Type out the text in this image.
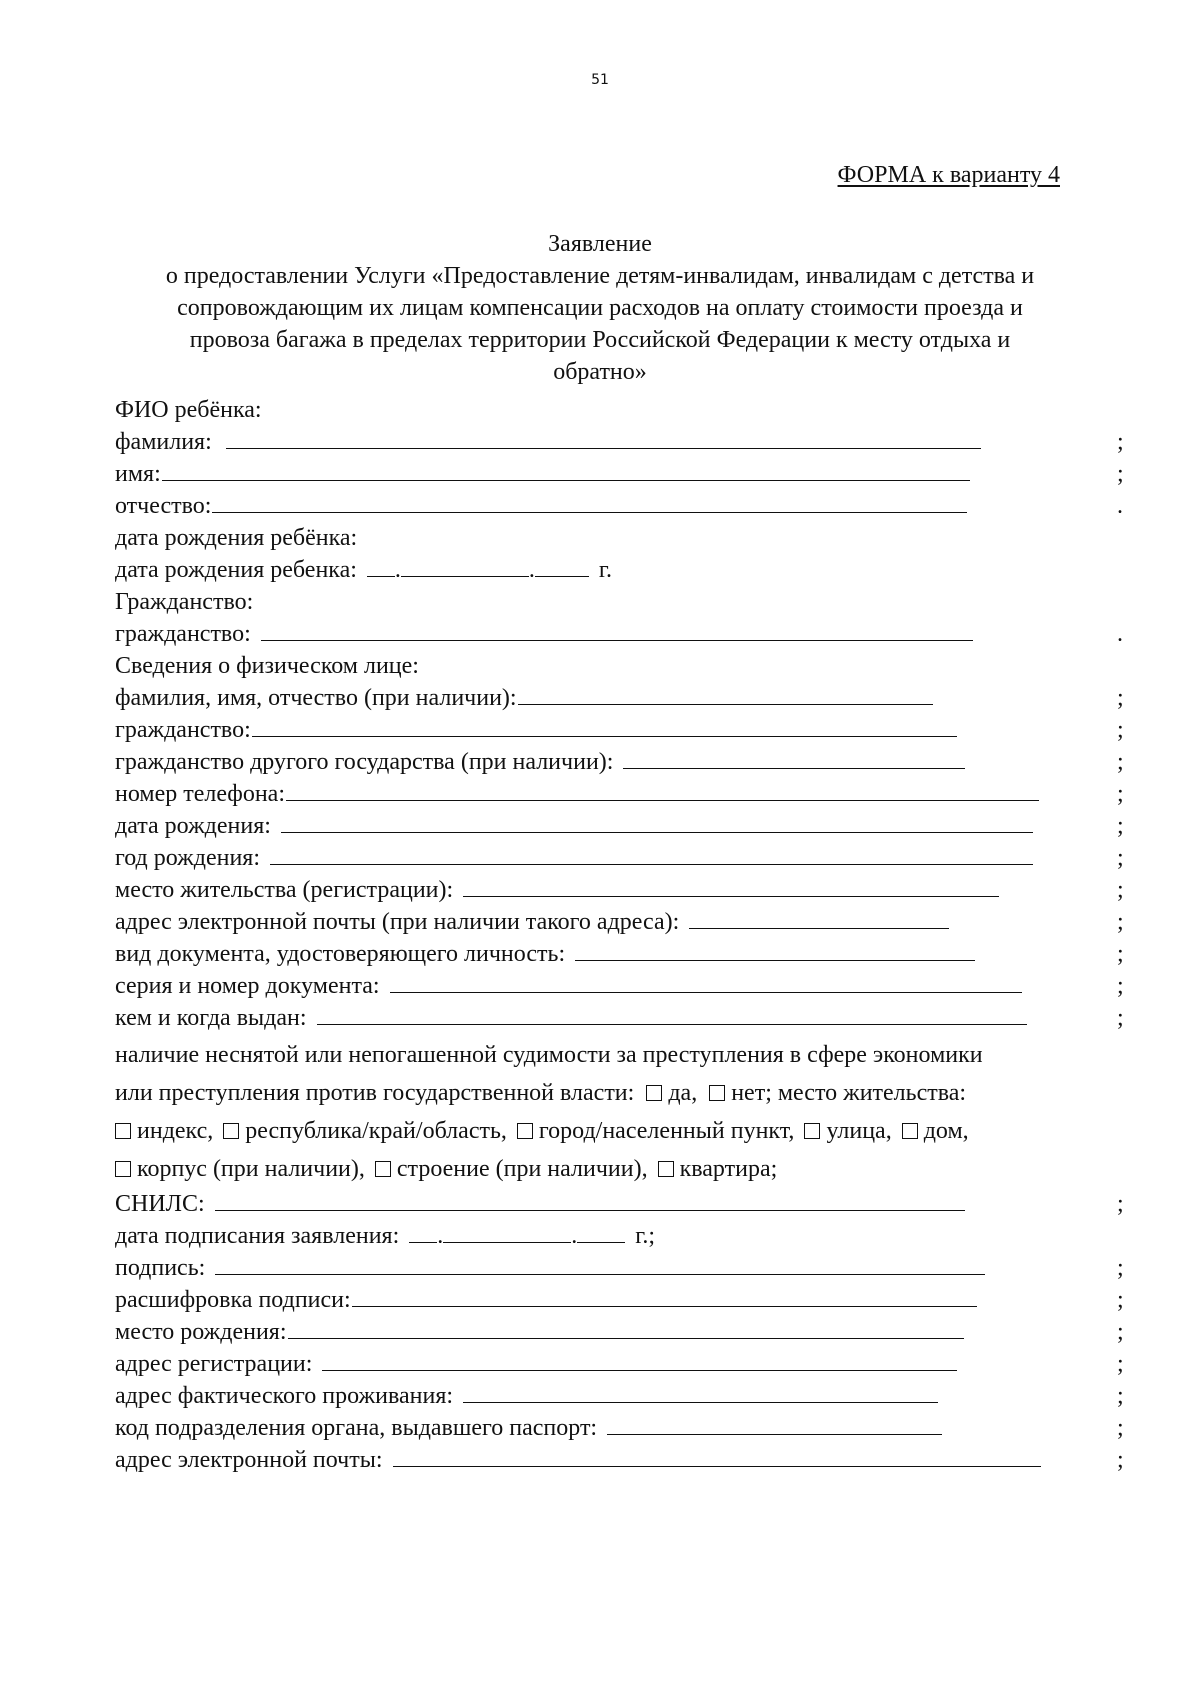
51
ФОРМА к варианту 4

Заявление

о предоставлении Услуги «Предоставление детям-инвалидам, инвалидам с детства и

сопровождающим их лицам компенсации расходов на оплату стоимости проезда и

провоза багажа в пределах территории Российской Федерации к месту отдыха и

обратно»

ФИО ребёнка:
фамилия:	;
имя:	;
отчество:	.
дата рождения ребёнка:
дата рождения ребенка: .	.	г.
Гражданство:
гражданство:	.
Сведения о физическом лице:
фамилия, имя, отчество (при наличии):	;
гражданство:	;
гражданство другого государства (при наличии):	;
номер телефона:	;
дата рождения:	;
год рождения:	;
место жительства (регистрации):	;
адрес электронной почты (при наличии такого адреса):	;
вид документа, удостоверяющего личность:	;
серия и номер документа:	;
кем и когда выдан:	;
наличие неснятой или непогашенной судимости за преступления в сфере экономики
или преступления против государственной власти: да, нет; место жительства:
индекс, республика/край/область, город/населенный пункт, улица, дом,
корпус (при наличии), строение (при наличии), квартира;
СНИЛС:	;
дата подписания заявления: .	. г.;
подпись:	;
расшифровка подписи:	;
место рождения:	;
адрес регистрации:	;
адрес фактического проживания:	;
код подразделения органа, выдавшего паспорт:	;
адрес электронной почты:	;
